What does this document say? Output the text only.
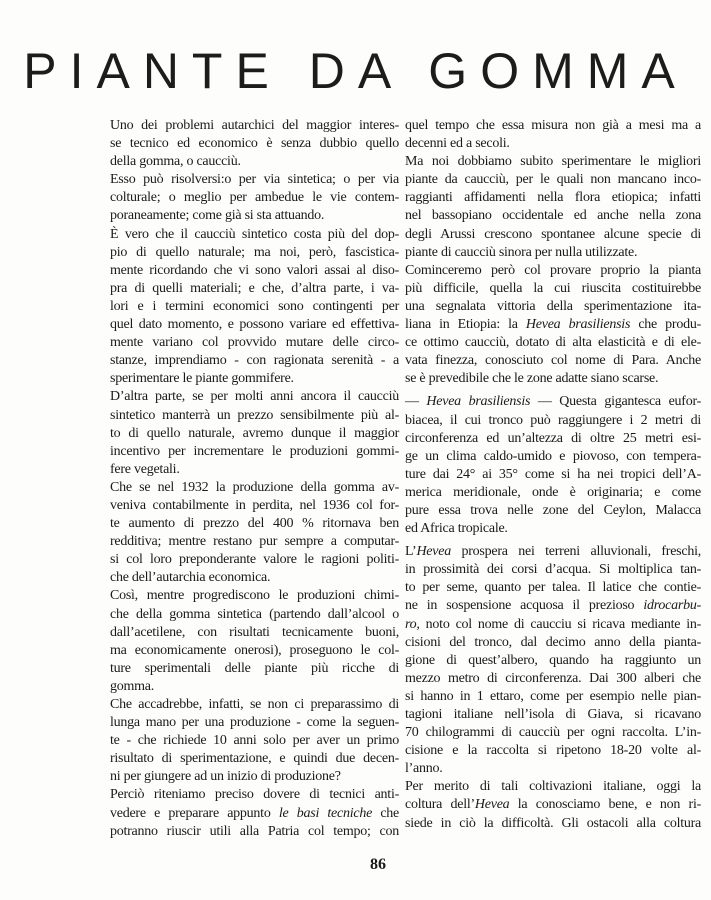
PIANTE DA GOMMA
Uno dei problemi autarchici del maggior interes-
se tecnico ed economico è senza dubbio quello
della gomma, o caucciù.
Esso può risolversi:o per via sintetica; o per via
colturale; o meglio per ambedue le vie contem-
poraneamente; come già si sta attuando.
È vero che il caucciù sintetico costa più del dop-
pio di quello naturale; ma noi, però, fascistica-
mente ricordando che vi sono valori assai al diso-
pra di quelli materiali; e che, d’altra parte, i va-
lori e i termini economici sono contingenti per
quel dato momento, e possono variare ed effettiva-
mente variano col provvido mutare delle circo-
stanze, imprendiamo - con ragionata serenità - a
sperimentare le piante gommifere.
D’altra parte, se per molti anni ancora il caucciù
sintetico manterrà un prezzo sensibilmente più al-
to di quello naturale, avremo dunque il maggior
incentivo per incrementare le produzioni gommi-
fere vegetali.
Che se nel 1932 la produzione della gomma av-
veniva contabilmente in perdita, nel 1936 col for-
te aumento di prezzo del 400 % ritornava ben
redditiva; mentre restano pur sempre a computar-
si col loro preponderante valore le ragioni politi-
che dell’autarchia economica.
Così, mentre progrediscono le produzioni chimi-
che della gomma sintetica (partendo dall’alcool o
dall’acetilene, con risultati tecnicamente buoni,
ma economicamente onerosi), proseguono le col-
ture sperimentali delle piante più ricche di
gomma.
Che accadrebbe, infatti, se non ci preparassimo di
lunga mano per una produzione - come la seguen-
te - che richiede 10 anni solo per aver un primo
risultato di sperimentazione, e quindi due decen-
ni per giungere ad un inizio di produzione?
Perciò riteniamo preciso dovere di tecnici anti-
vedere e preparare appunto le basi tecniche che
potranno riuscir utili alla Patria col tempo; con
quel tempo che essa misura non già a mesi ma a
decenni ed a secoli.
Ma noi dobbiamo subito sperimentare le migliori
piante da caucciù, per le quali non mancano inco-
raggianti affidamenti nella flora etiopica; infatti
nel bassopiano occidentale ed anche nella zona
degli Arussi crescono spontanee alcune specie di
piante di caucciù sinora per nulla utilizzate.
Cominceremo però col provare proprio la pianta
più difficile, quella la cui riuscita costituirebbe
una segnalata vittoria della sperimentazione ita-
liana in Etiopia: la Hevea brasiliensis che produ-
ce ottimo caucciù, dotato di alta elasticità e di ele-
vata finezza, conosciuto col nome di Para. Anche
se è prevedibile che le zone adatte siano scarse.
— Hevea brasiliensis — Questa gigantesca eufor-
biacea, il cui tronco può raggiungere i 2 metri di
circonferenza ed un’altezza di oltre 25 metri esi-
ge un clima caldo-umido e piovoso, con tempera-
ture dai 24° ai 35° come si ha nei tropici dell’A-
merica meridionale, onde è originaria; e come
pure essa trova nelle zone del Ceylon, Malacca
ed Africa tropicale.
L’Hevea prospera nei terreni alluvionali, freschi,
in prossimità dei corsi d’acqua. Si moltiplica tan-
to per seme, quanto per talea. Il latice che contie-
ne in sospensione acquosa il prezioso idrocarbu-
ro, noto col nome di caucciu si ricava mediante in-
cisioni del tronco, dal decimo anno della pianta-
gione di quest’albero, quando ha raggiunto un
mezzo metro di circonferenza. Dai 300 alberi che
si hanno in 1 ettaro, come per esempio nelle pian-
tagioni italiane nell’isola di Giava, si ricavano
70 chilogrammi di caucciù per ogni raccolta. L’in-
cisione e la raccolta si ripetono 18-20 volte al-
l’anno.
Per merito di tali coltivazioni italiane, oggi la
coltura dell’Hevea la conosciamo bene, e non ri-
siede in ciò la difficoltà. Gli ostacoli alla coltura
86
